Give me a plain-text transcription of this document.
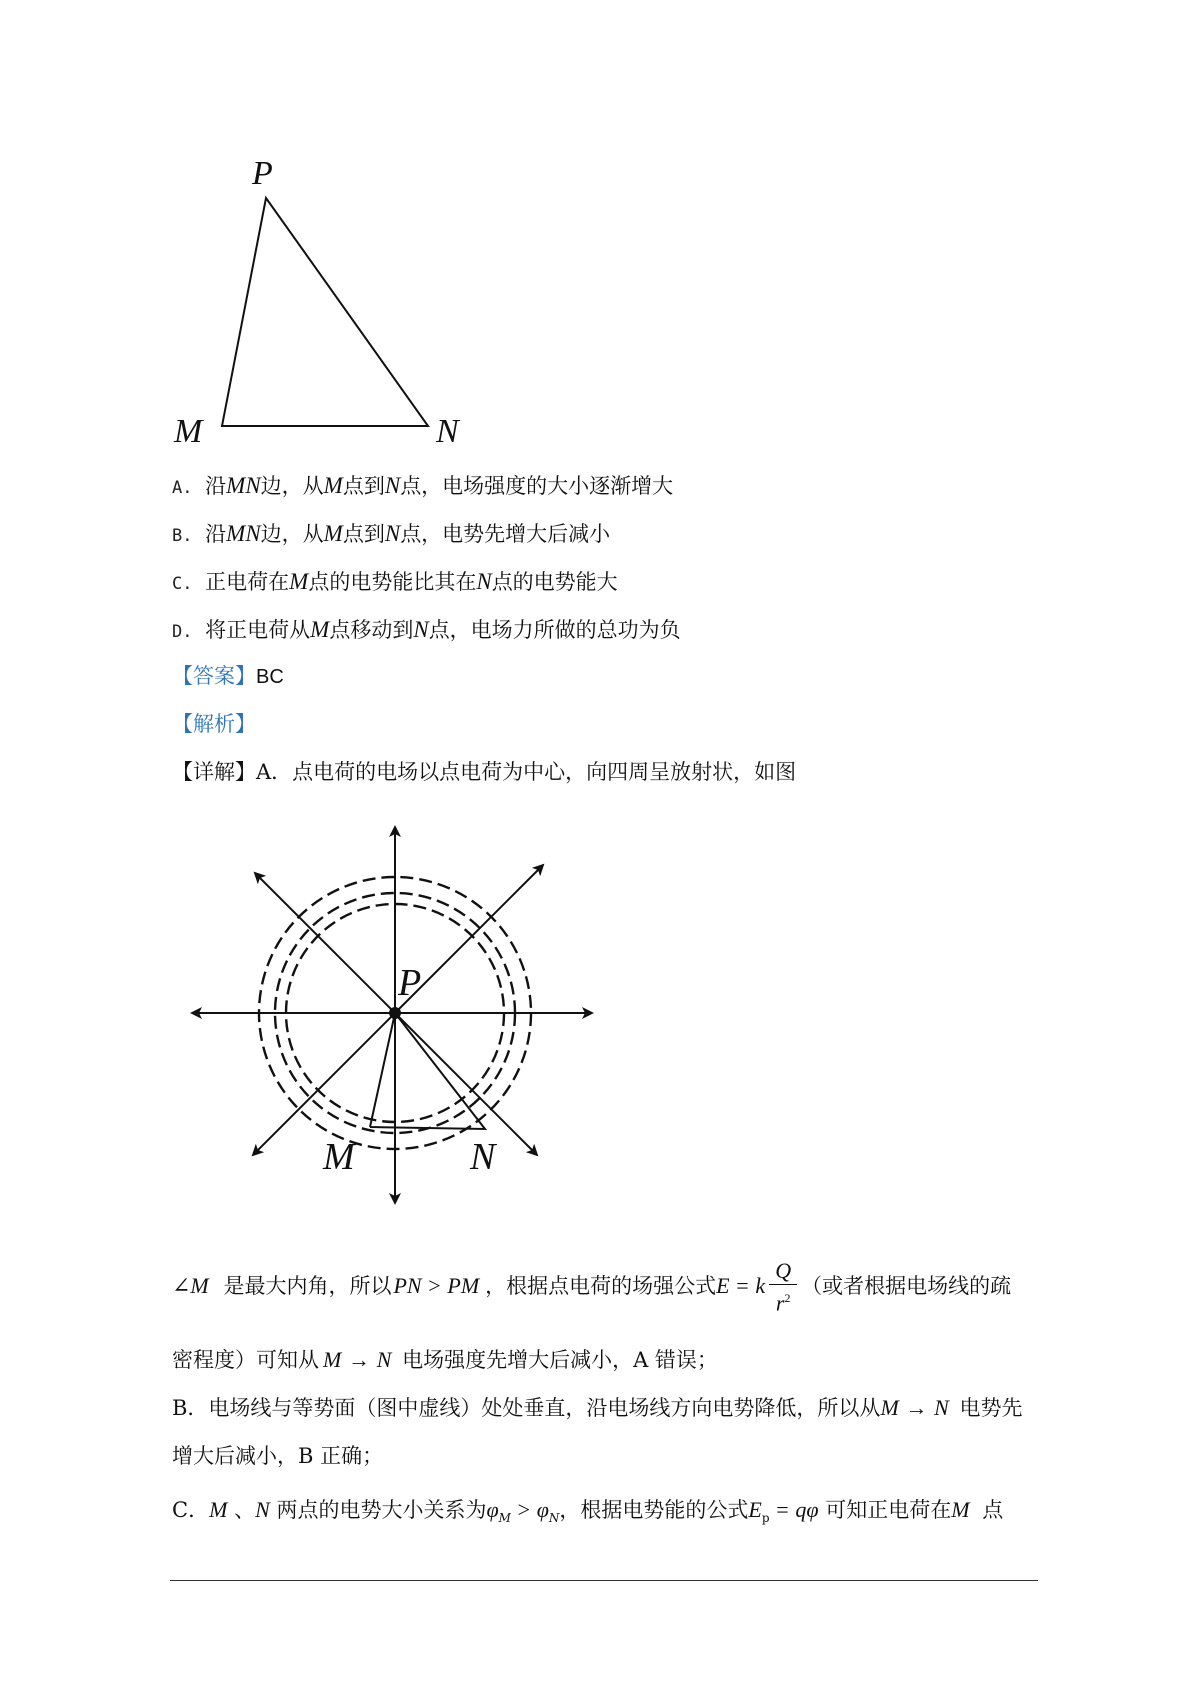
P
M	N
A. 沿MN边，从M点到N点，电场强度的大小逐渐增大
B. 沿MN边，从M点到N点，电势先增大后减小
C. 正电荷在M点的电势能比其在N点的电势能大
D. 将正电荷从M点移动到N点，电场力所做的总功为负
【答案】BC
【解析】
【详解】A．点电荷的电场以点电荷为中心，向四周呈放射状，如图
P
M	N
∠M 是最大内角，所以PN > PM ，根据点电荷的场强公式E = k $\frac{Q}{r^2}$ （或者根据电场线的疏
密程度）可知从 M → N 电场强度先增大后减小，A 错误；
B．电场线与等势面（图中虚线）处处垂直，沿电场线方向电势降低，所以从M → N 电势先
增大后减小，B 正确；
C．M 、N 两点的电势大小关系为$\varphi_M > \varphi_N$，根据电势能的公式$E_p = q\varphi$ 可知正电荷在M 点
